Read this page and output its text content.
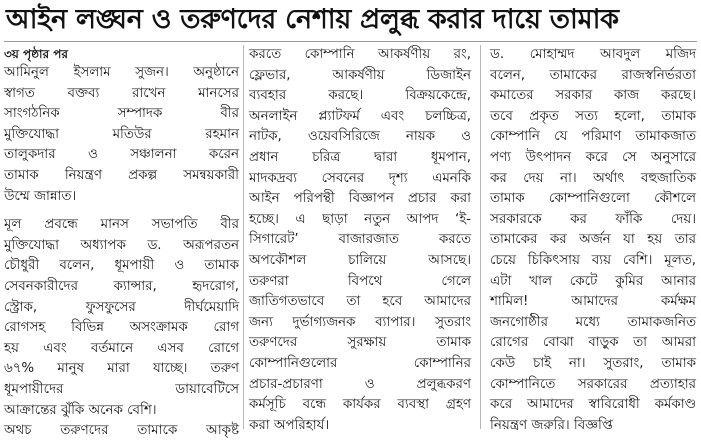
আইন লঙ্ঘন ও তরুণদের নেশায় প্রলুব্ধ করার দায়ে তামাক
৩য় পৃষ্ঠার পর
আমিনুল ইসলাম সুজন। অনুষ্ঠানে
স্বাগত বক্তব্য রাখেন মানসের
সাংগঠনিক সম্পাদক বীর
মুক্তিযোদ্ধা মতিউর রহমান
তালুকদার ও সঞ্চালনা করেন
তামাক নিয়ন্ত্রণ প্রকল্প সমন্বয়কারী
উম্মে জান্নাত।
মূল প্রবন্ধে মানস সভাপতি বীর
মুক্তিযোদ্ধা অধ্যাপক ড. অরূপরতন
চৌধুরী বলেন, ধূমপায়ী ও তামাক
সেবনকারীদের ক্যান্সার, হৃদরোগ,
স্ট্রোক, ফুসফুসের দীর্ঘমেয়াদি
রোগসহ বিভিন্ন অসংক্রামক রোগ
হয় এবং বর্তমানে এসব রোগে
৬৭% মানুষ মারা যাচ্ছে। তরুণ
ধূমপায়ীদের ডায়াবেটিসে
আক্রান্তের ঝুঁকি অনেক বেশি।
অথচ তরুণদের তামাকে আকৃষ্ট
করতে কোম্পানি আকর্ষণীয় রং,
ফ্লেভার, আকর্ষণীয় ডিজাইন
ব্যবহার করছে। বিক্রয়কেন্দ্রে,
অনলাইন প্ল্যাটফর্ম এবং চলচ্চিত্র,
নাটক, ওয়েবসিরিজে নায়ক ও
প্রধান চরিত্র দ্বারা ধূমপান,
মাদকদ্রব্য সেবনের দৃশ্য এমনকি
আইন পরিপন্থী বিজ্ঞাপন প্রচার করা
হচ্ছে। এ ছাড়া নতুন আপদ ‘ই-
সিগারেট’ বাজারজাত করতে
অপকৌশল চালিয়ে আসছে।
তরুণরা বিপথে গেলে
জাতিগতভাবে তা হবে আমাদের
জন্য দুর্ভাগ্যজনক ব্যাপার। সুতরাং
তরুণদের সুরক্ষায় তামাক
কোম্পানিগুলোর কোম্পানির
প্রচার-প্রচারণা ও প্রলুব্ধকরণ
কর্মসূচি বন্ধে কার্যকর ব্যবস্থা গ্রহণ
করা অপরিহার্য।
ড. মোহাম্মদ আবদুল মজিদ
বলেন, তামাকের রাজস্বনির্ভরতা
কমাতের সরকার কাজ করছে।
তবে প্রকৃত সত্য হলো, তামাক
কোম্পানি যে পরিমাণ তামাকজাত
পণ্য উৎপাদন করে সে অনুসারে
কর দেয় না। অর্থাৎ বহুজাতিক
তামাক কোম্পানিগুলো কৌশলে
সরকারকে কর ফাঁকি দেয়।
তামাকের কর অর্জন যা হয় তার
চেয়ে চিকিৎসায় ব্যয় বেশি। মূলত,
এটা খাল কেটে কুমির আনার
শামিল! আমাদের কর্মক্ষম
জনগোষ্ঠীর মধ্যে তামাকজনিত
রোগের বোঝা বাড়ুক তা আমরা
কেউ চাই না। সুতরাং, তামাক
কোম্পানিতে সরকারের প্রত্যাহার
করে আমাদের স্বাবিরোধী কর্মকাণ্ড
নিয়ন্ত্রণ জরুরি। বিজ্ঞপ্তি
